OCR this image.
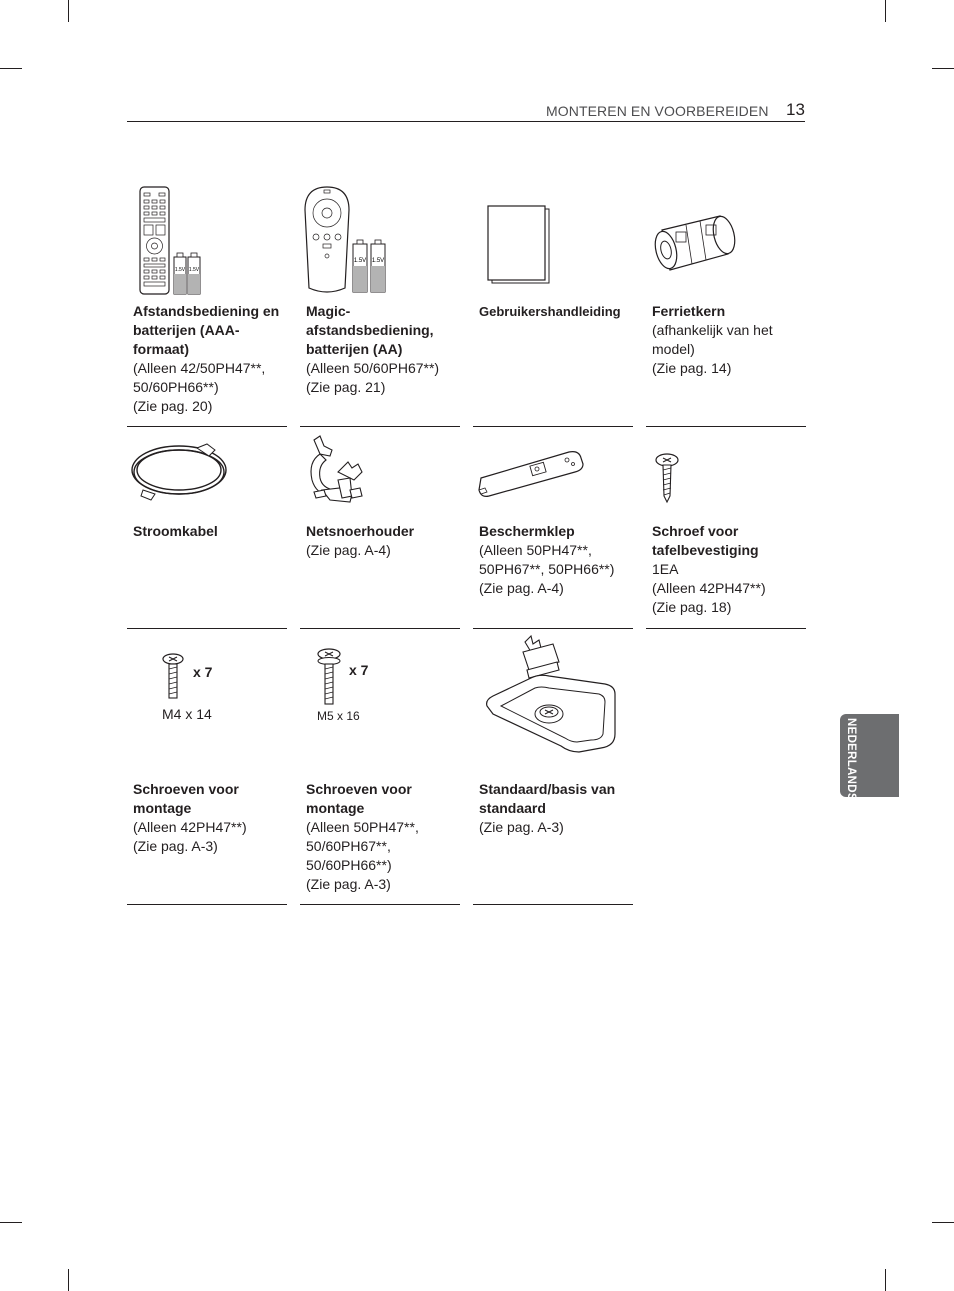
MONTEREN EN VOORBEREIDEN 13
NEDERLANDS
1.5V 1.5V
Afstandsbediening en batterijen (AAA-formaat)
(Alleen 42/50PH47**, 50/60PH66**)
(Zie pag. 20)
1.5V 1.5V
Magic-afstandsbediening, batterijen (AA)
(Alleen 50/60PH67**)
(Zie pag. 21)
Gebruikershandleiding	Ferrietkern
(afhankelijk van het model)
(Zie pag. 14)
Stroomkabel	Netsnoerhouder
(Zie pag. A-4)
Beschermklep
(Alleen 50PH47**, 50PH67**, 50PH66**)
(Zie pag. A-4)
Schroef voor tafelbevestiging
1EA
(Alleen 42PH47**)
(Zie pag. 18)
x 7
M4 x 14
Schroeven voor montage
(Alleen 42PH47**)
(Zie pag. A-3)
x 7
M5 x 16
Schroeven voor montage
(Alleen 50PH47**, 50/60PH67**, 50/60PH66**)
(Zie pag. A-3)
Standaard/basis van standaard
(Zie pag. A-3)
